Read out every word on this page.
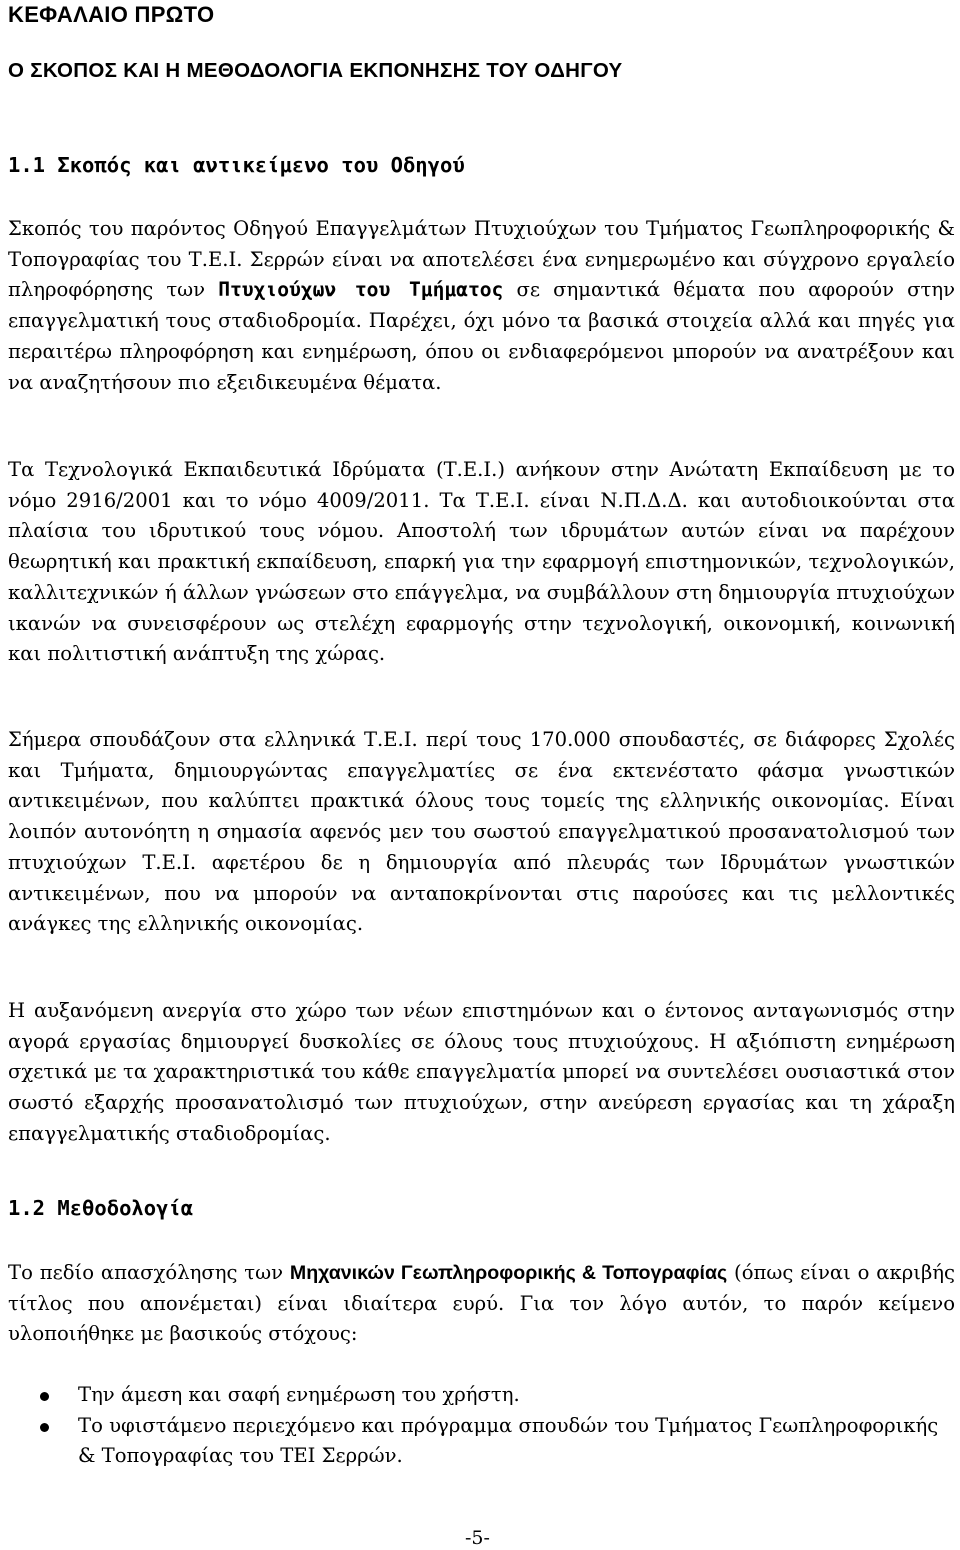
ΚΕΦΑΛΑΙΟ ΠΡΩΤΟ
Ο ΣΚΟΠΟΣ ΚΑΙ Η ΜΕΘΟΔΟΛΟΓΙΑ ΕΚΠΟΝΗΣΗΣ ΤΟΥ ΟΔΗΓΟΥ
1.1 Σκοπός και αντικείμενο του Οδηγού

Σκοπός του παρόντος Οδηγού Επαγγελμάτων Πτυχιούχων του Τμήματος Γεωπληροφορικής & Τοπογραφίας του Τ.Ε.Ι. Σερρών είναι να αποτελέσει ένα ενημερωμένο και σύγχρονο εργαλείο πληροφόρησης των Πτυχιούχων του Τμήματος σε σημαντικά θέματα που αφορούν στην επαγγελματική τους σταδιοδρομία. Παρέχει, όχι μόνο τα βασικά στοιχεία αλλά και πηγές για περαιτέρω πληροφόρηση και ενημέρωση, όπου οι ενδιαφερόμενοι μπορούν να ανατρέξουν και να αναζητήσουν πιο εξειδικευμένα θέματα.

Τα Τεχνολογικά Εκπαιδευτικά Ιδρύματα (Τ.Ε.Ι.) ανήκουν στην Ανώτατη Εκπαίδευση με το νόμο 2916/2001 και το νόμο 4009/2011. Τα Τ.Ε.Ι. είναι Ν.Π.Δ.Δ. και αυτοδιοικούνται στα πλαίσια του ιδρυτικού τους νόμου. Αποστολή των ιδρυμάτων αυτών είναι να παρέχουν θεωρητική και πρακτική εκπαίδευση, επαρκή για την εφαρμογή επιστημονικών, τεχνολογικών, καλλιτεχνικών ή άλλων γνώσεων στο επάγγελμα, να συμβάλλουν στη δημιουργία πτυχιούχων ικανών να συνεισφέρουν ως στελέχη εφαρμογής στην τεχνολογική, οικονομική, κοινωνική και πολιτιστική ανάπτυξη της χώρας.

Σήμερα σπουδάζουν στα ελληνικά Τ.Ε.Ι. περί τους 170.000 σπουδαστές, σε διάφορες Σχολές και Τμήματα, δημιουργώντας επαγγελματίες σε ένα εκτενέστατο φάσμα γνωστικών αντικειμένων, που καλύπτει πρακτικά όλους τους τομείς της ελληνικής οικονομίας. Είναι λοιπόν αυτονόητη η σημασία αφενός μεν του σωστού επαγγελματικού προσανατολισμού των πτυχιούχων Τ.Ε.Ι. αφετέρου δε η δημιουργία από πλευράς των Ιδρυμάτων γνωστικών αντικειμένων, που να μπορούν να ανταποκρίνονται στις παρούσες και τις μελλοντικές ανάγκες της ελληνικής οικονομίας.

Η αυξανόμενη ανεργία στο χώρο των νέων επιστημόνων και ο έντονος ανταγωνισμός στην αγορά εργασίας δημιουργεί δυσκολίες σε όλους τους πτυχιούχους. Η αξιόπιστη ενημέρωση σχετικά με τα χαρακτηριστικά του κάθε επαγγελματία μπορεί να συντελέσει ουσιαστικά στον σωστό εξαρχής προσανατολισμό των πτυχιούχων, στην ανεύρεση εργασίας και τη χάραξη επαγγελματικής σταδιοδρομίας.

1.2 Μεθοδολογία

Το πεδίο απασχόλησης των Μηχανικών Γεωπληροφορικής & Τοπογραφίας (όπως είναι ο ακριβής τίτλος που απονέμεται) είναι ιδιαίτερα ευρύ. Για τον λόγο αυτόν, το παρόν κείμενο υλοποιήθηκε με βασικούς στόχους:

Την άμεση και σαφή ενημέρωση του χρήστη.
Το υφιστάμενο περιεχόμενο και πρόγραμμα σπουδών του Τμήματος Γεωπληροφορικής & Τοπογραφίας του ΤΕΙ Σερρών.

-5-
